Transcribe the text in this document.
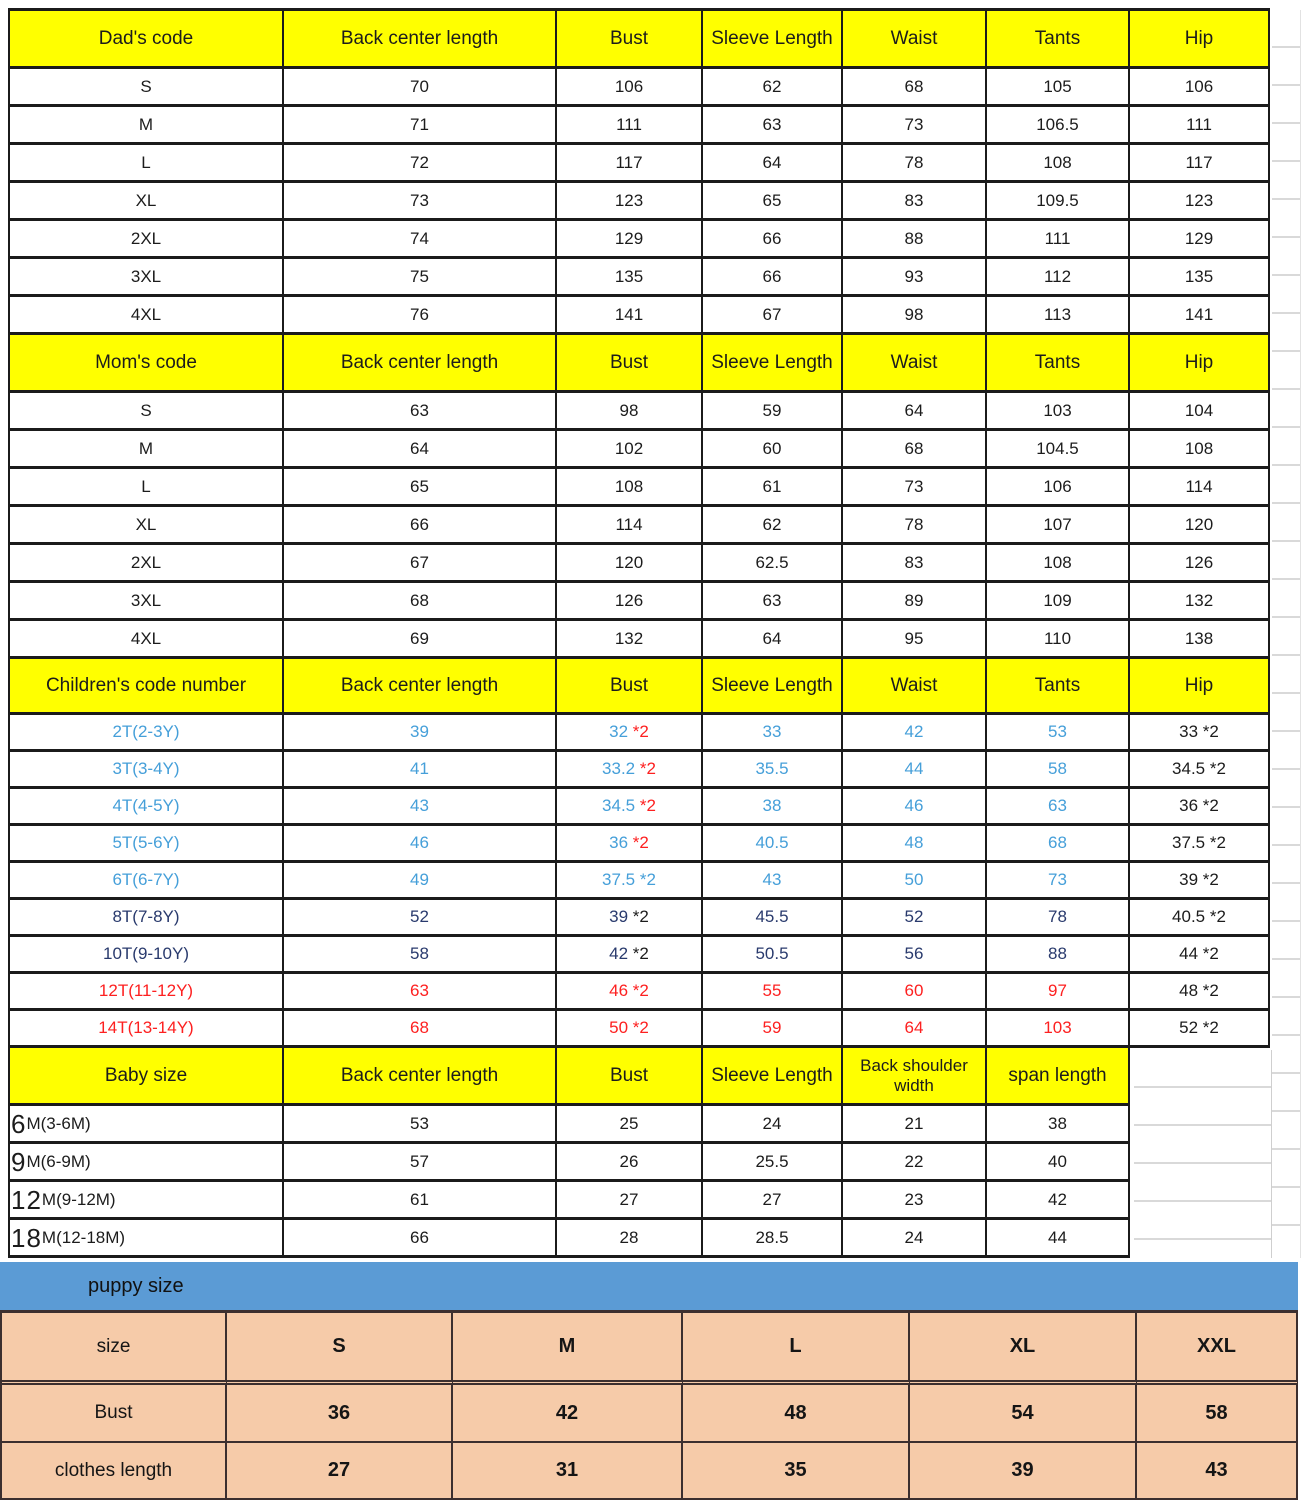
Dad's code	Back center length	Bust	Sleeve Length	Waist	Tants	Hip
S	70	106	62	68	105	106
M	71	111	63	73	106.5	111
L	72	117	64	78	108	117
XL	73	123	65	83	109.5	123
2XL	74	129	66	88	111	129
3XL	75	135	66	93	112	135
4XL	76	141	67	98	113	141
Mom's code	Back center length	Bust	Sleeve Length	Waist	Tants	Hip
S	63	98	59	64	103	104
M	64	102	60	68	104.5	108
L	65	108	61	73	106	114
XL	66	114	62	78	107	120
2XL	67	120	62.5	83	108	126
3XL	68	126	63	89	109	132
4XL	69	132	64	95	110	138
Children's code number	Back center length	Bust	Sleeve Length	Waist	Tants	Hip
2T(2-3Y)	39	32 *2	33	42	53	33 *2
3T(3-4Y)	41	33.2 *2	35.5	44	58	34.5 *2
4T(4-5Y)	43	34.5 *2	38	46	63	36 *2
5T(5-6Y)	46	36 *2	40.5	48	68	37.5 *2
6T(6-7Y)	49	37.5 *2	43	50	73	39 *2
8T(7-8Y)	52	39 *2	45.5	52	78	40.5 *2
10T(9-10Y)	58	42 *2	50.5	56	88	44 *2
12T(11-12Y)	63	46 *2	55	60	97	48 *2
14T(13-14Y)	68	50 *2	59	64	103	52 *2
Baby size	Back center length	Bust	Sleeve Length	Back shoulder width	span length
6 M(3-6M)	53	25	24	21	38
9 M(6-9M)	57	26	25.5	22	40
12 M(9-12M)	61	27	27	23	42
18 M(12-18M)	66	28	28.5	24	44
puppy size
size	S	M	L	XL	XXL
Bust	36	42	48	54	58
clothes length	27	31	35	39	43
